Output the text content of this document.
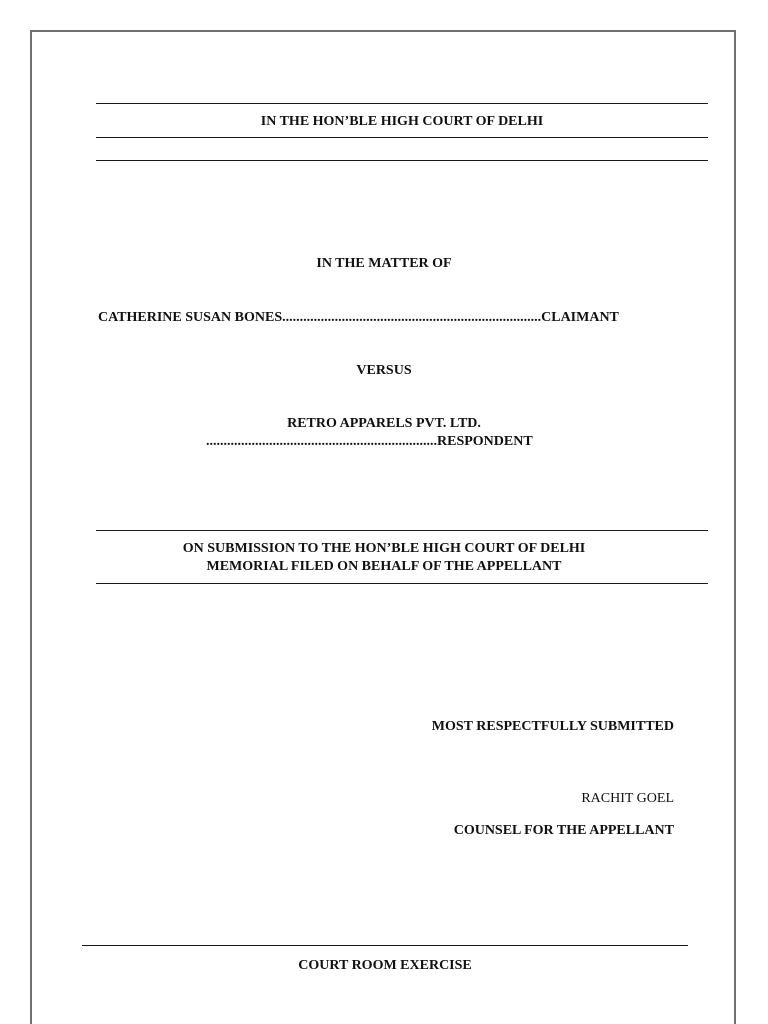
IN THE HON’BLE HIGH COURT OF DELHI
IN THE MATTER OF
CATHERINE SUSAN BONES..........................................................................CLAIMANT
VERSUS
RETRO APPARELS PVT. LTD.
..................................................................RESPONDENT
ON SUBMISSION TO THE HON’BLE HIGH COURT OF DELHI
MEMORIAL FILED ON BEHALF OF THE APPELLANT
MOST RESPECTFULLY SUBMITTED
RACHIT GOEL
COUNSEL FOR THE APPELLANT
COURT ROOM EXERCISE
